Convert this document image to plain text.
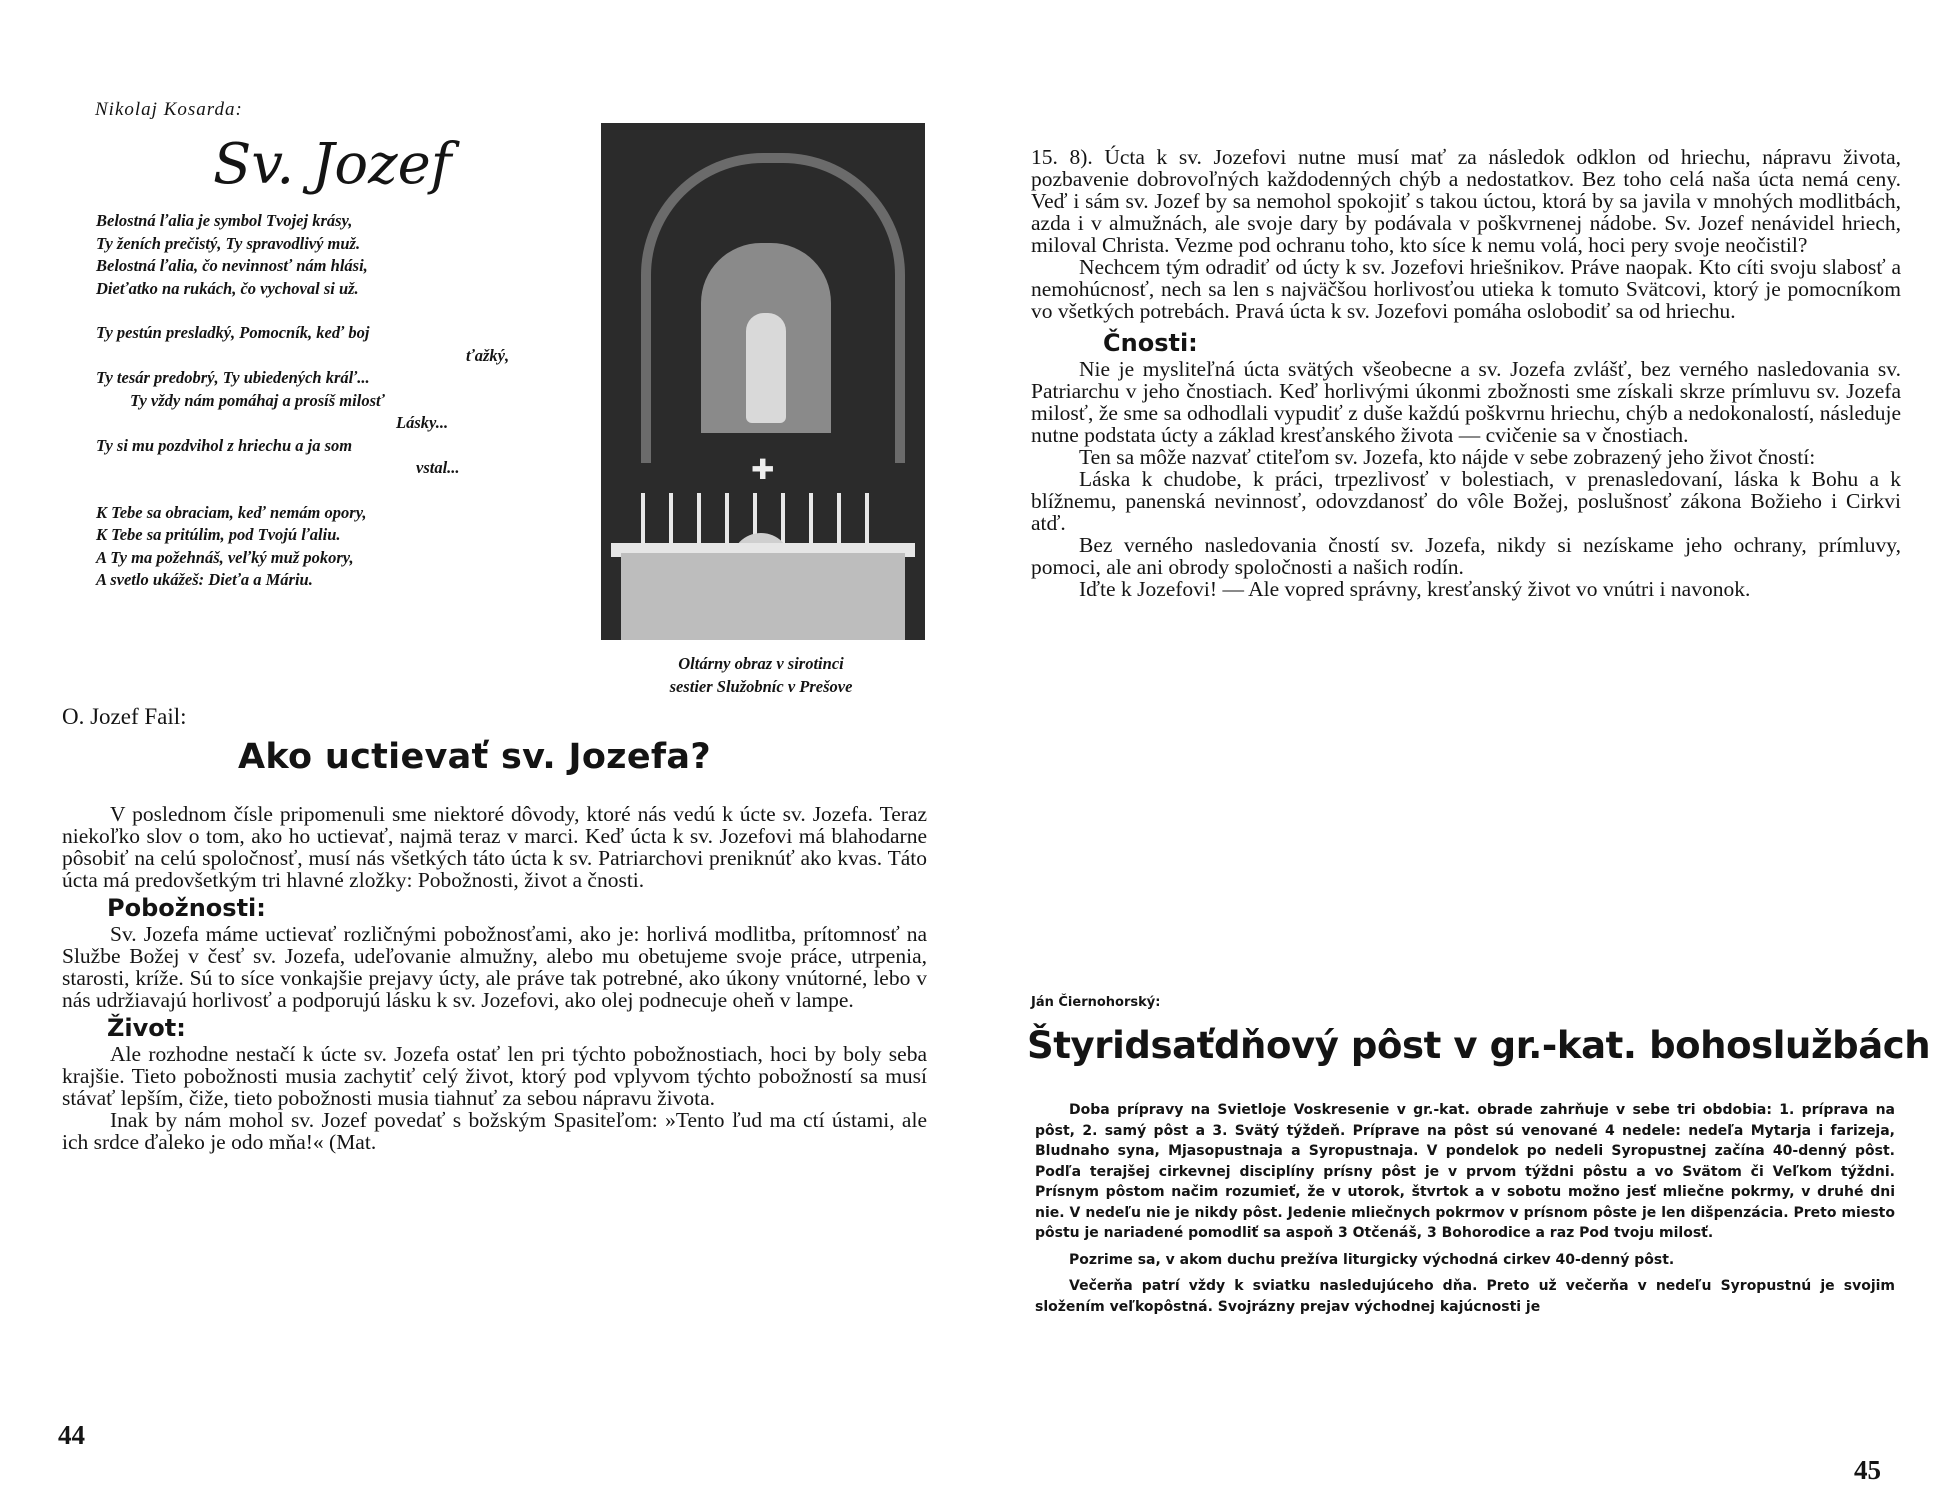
Nikolaj Kosarda:
Sv. Jozef
Belostná ľalia je symbol Tvojej krásy,
Ty ženích prečistý, Ty spravodlivý muž.
Belostná ľalia, čo nevinnosť nám hlási,
Dieťatko na rukách, čo vychoval si už.
Ty pestún presladký, Pomocník, keď boj
ťažký,
Ty tesár predobrý, Ty ubiedených kráľ...
Ty vždy nám pomáhaj a prosíš milosť
Lásky...
Ty si mu pozdvihol z hriechu a ja som
vstal...
K Tebe sa obraciam, keď nemám opory,
K Tebe sa pritúlim, pod Tvojú ľaliu.
A Ty ma požehnáš, veľký muž pokory,
A svetlo ukážeš: Dieťa a Máriu.
✚
Oltárny obraz v sirotinci
sestier Služobníc v Prešove
O. Jozef Fail:
Ako uctievať sv. Jozefa?

V poslednom čísle pripomenuli sme niektoré dôvody, ktoré nás vedú k úcte sv. Jozefa. Teraz niekoľko slov o tom, ako ho uctievať, najmä teraz v marci. Keď úcta k sv. Jozefovi má blahodarne pôsobiť na celú spoločnosť, musí nás všetkých táto úcta k sv. Patriarchovi preniknúť ako kvas. Táto úcta má predovšetkým tri hlavné zložky: Pobožnosti, život a čnosti.

Pobožnosti:

Sv. Jozefa máme uctievať rozličnými pobožnosťami, ako je: horlivá modlitba, prítomnosť na Službe Božej v česť sv. Jozefa, udeľovanie almužny, alebo mu obetujeme svoje práce, utrpenia, starosti, kríže. Sú to síce vonkajšie prejavy úcty, ale práve tak potrebné, ako úkony vnútorné, lebo v nás udržiavajú horlivosť a podporujú lásku k sv. Jozefovi, ako olej podnecuje oheň v lampe.

Život:

Ale rozhodne nestačí k úcte sv. Jozefa ostať len pri týchto pobožnostiach, hoci by boly seba krajšie. Tieto pobožnosti musia zachytiť celý život, ktorý pod vplyvom týchto pobožností sa musí stávať lepším, čiže, tieto pobožnosti musia tiahnuť za sebou nápravu života.

Inak by nám mohol sv. Jozef povedať s božským Spasiteľom: »Tento ľud ma ctí ústami, ale ich srdce ďaleko je odo mňa!« (Mat.

44

15. 8). Úcta k sv. Jozefovi nutne musí mať za následok odklon od hriechu, nápravu života, pozbavenie dobrovoľných každodenných chýb a nedostatkov. Bez toho celá naša úcta nemá ceny. Veď i sám sv. Jozef by sa nemohol spokojiť s takou úctou, ktorá by sa javila v mnohých modlitbách, azda i v almužnách, ale svoje dary by podávala v poškvrnenej nádobe. Sv. Jozef nenávidel hriech, miloval Christa. Vezme pod ochranu toho, kto síce k nemu volá, hoci pery svoje neočistil?

Nechcem tým odradiť od úcty k sv. Jozefovi hriešnikov. Práve naopak. Kto cíti svoju slabosť a nemohúcnosť, nech sa len s najväčšou horlivosťou utieka k tomuto Svätcovi, ktorý je pomocníkom vo všetkých potrebách. Pravá úcta k sv. Jozefovi pomáha oslobodiť sa od hriechu.

Čnosti:

Nie je mysliteľná úcta svätých všeobecne a sv. Jozefa zvlášť, bez verného nasledovania sv. Patriarchu v jeho čnostiach. Keď horlivými úkonmi zbožnosti sme získali skrze prímluvu sv. Jozefa milosť, že sme sa odhodlali vypudiť z duše každú poškvrnu hriechu, chýb a nedokonalostí, následuje nutne podstata úcty a základ kresťanského života — cvičenie sa v čnostiach.

Ten sa môže nazvať ctiteľom sv. Jozefa, kto nájde v sebe zobrazený jeho život čností:

Láska k chudobe, k práci, trpezlivosť v bolestiach, v prenasledovaní, láska k Bohu a k blížnemu, panenská nevinnosť, odovzdanosť do vôle Božej, poslušnosť zákona Božieho i Cirkvi atď.

Bez verného nasledovania čností sv. Jozefa, nikdy si nezískame jeho ochrany, prímluvy, pomoci, ale ani obrody spoločnosti a našich rodín.

Iďte k Jozefovi! — Ale vopred správny, kresťanský život vo vnútri i navonok.

Ján Čiernohorský:
Štyridsaťdňový pôst v gr.-kat. bohoslužbách

Doba prípravy na Svietloje Voskresenie v gr.-kat. obrade zahrňuje v sebe tri obdobia: 1. príprava na pôst, 2. samý pôst a 3. Svätý týždeň. Príprave na pôst sú venované 4 nedele: nedeľa Mytarja i farizeja, Bludnaho syna, Mjasopustnaja a Syropustnaja. V pondelok po nedeli Syropustnej začína 40-denný pôst. Podľa terajšej cirkevnej disciplíny prísny pôst je v prvom týždni pôstu a vo Svätom či Veľkom týždni. Prísnym pôstom načim rozumieť, že v utorok, štvrtok a v sobotu možno jesť mliečne pokrmy, v druhé dni nie. V nedeľu nie je nikdy pôst. Jedenie mliečnych pokrmov v prísnom pôste je len dišpenzácia. Preto miesto pôstu je nariadené pomodliť sa aspoň 3 Otčenáš, 3 Bohorodice a raz Pod tvoju milosť.

Pozrime sa, v akom duchu prežíva liturgicky východná cirkev 40-denný pôst.

Večerňa patrí vždy k sviatku nasledujúceho dňa. Preto už večerňa v nedeľu Syropustnú je svojim složením veľkopôstná. Svojrázny prejav východnej kajúcnosti je

45
